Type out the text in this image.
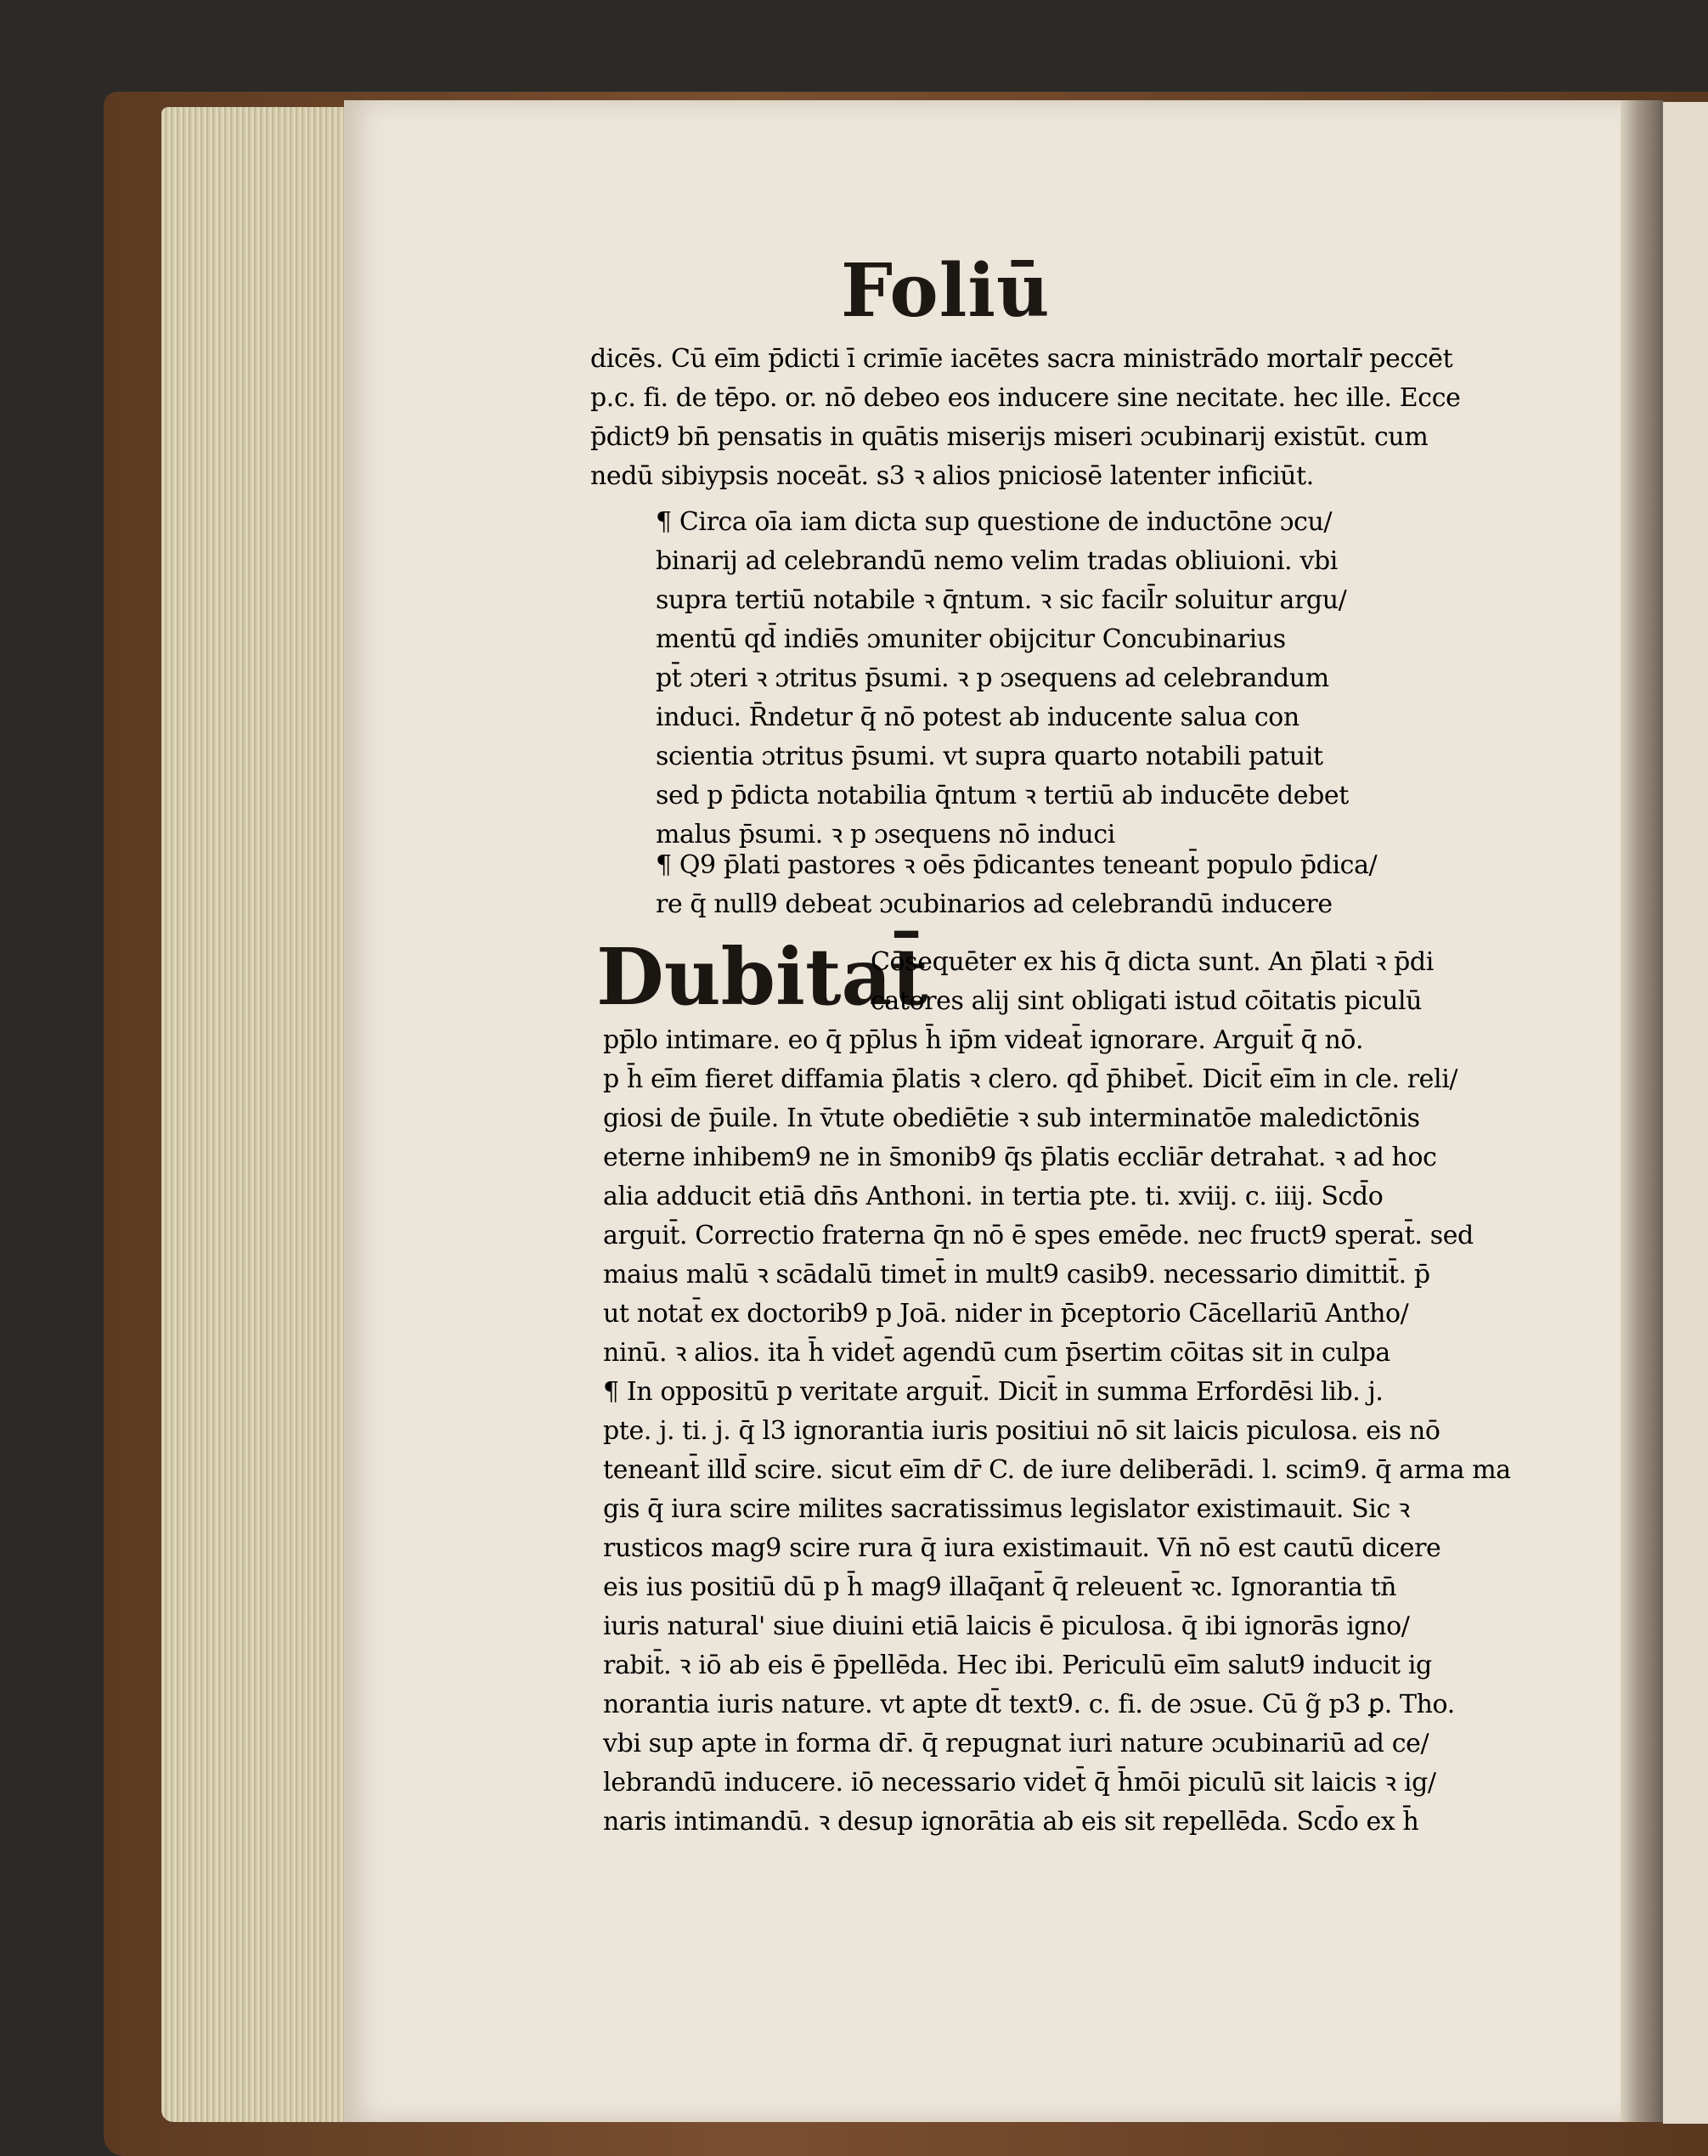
Foliū

dicēs. Cū eīm p̄dicti ī crimīe iacētes sacra ministrādo mortalr̄ peccēt

p.c. fi. de tēpo. or. nō debeo eos inducere sine necitate. hec ille. Ecce

p̄dict9 bn̄ pensatis in quātis miserijs miseri ɔcubinarij existūt. cum

nedū sibiypsis noceāt. s3 ꝛ alios pniciosē latenter inficiūt.

¶ Circa oīa iam dicta sup questione de inductōne ɔcu/

binarij ad celebrandū nemo velim tradas obliuioni. vbi

supra tertiū notabile ꝛ q̄ntum. ꝛ sic facil̄r soluitur argu/

mentū qd̄ indiēs ɔmuniter obijcitur Concubinarius

pt̄ ɔteri ꝛ ɔtritus p̄sumi. ꝛ p ɔsequens ad celebrandum

induci. R̄ndetur q̄ nō potest ab inducente salua con

scientia ɔtritus p̄sumi. vt supra quarto notabili patuit

sed p p̄dicta notabilia q̄ntum ꝛ tertiū ab inducēte debet

malus p̄sumi. ꝛ p ɔsequens nō induci

¶ Q9 p̄lati pastores ꝛ oēs p̄dicantes teneant̄ populo p̄dica/

re q̄ null9 debeat ɔcubinarios ad celebrandū inducere

Dubitat̄

Cōsequēter ex his q̄ dicta sunt. An p̄lati ꝛ p̄di

catores alij sint obligati istud cōitatis piculū

pp̄lo intimare. eo q̄ pp̄lus h̄ ip̄m videat̄ ignorare. Arguit̄ q̄ nō.

p h̄ eīm fieret diffamia p̄latis ꝛ clero. qd̄ p̄hibet̄. Dicit̄ eīm in cle. reli/

giosi de p̄uile. In v̄tute obediētie ꝛ sub interminatōe maledictōnis

eterne inhibem9 ne in s̄monib9 q̄s p̄latis eccliār detrahat. ꝛ ad hoc

alia adducit etiā dn̄s Anthoni. in tertia pte. ti. xviij. c. iiij. Scd̄o

arguit̄. Correctio fraterna q̄n nō ē spes emēde. nec fruct9 sperat̄. sed

maius malū ꝛ scādalū timet̄ in mult9 casib9. necessario dimittit̄. p̄

ut notat̄ ex doctorib9 p Joā. nider in p̄ceptorio Cācellariū Antho/

ninū. ꝛ alios. ita h̄ videt̄ agendū cum p̄sertim cōitas sit in culpa

¶ In oppositū p veritate arguit̄. Dicit̄ in summa Erfordēsi lib. j.

pte. j. ti. j. q̄ l3 ignorantia iuris positiui nō sit laicis piculosa. eis nō

teneant̄ illd̄ scire. sicut eīm dr̄ C. de iure deliberādi. l. scim9. q̄ arma ma

gis q̄ iura scire milites sacratissimus legislator existimauit. Sic ꝛ

rusticos mag9 scire rura q̄ iura existimauit. Vn̄ nō est cautū dicere

eis ius positiū dū p h̄ mag9 illaq̄ant̄ q̄ releuent̄ ꝛc. Ignorantia tn̄

iuris natural' siue diuini etiā laicis ē piculosa. q̄ ibi ignorās igno/

rabit̄. ꝛ iō ab eis ē p̄pellēda. Hec ibi. Periculū eīm salut9 inducit ig

norantia iuris nature. vt apte dt̄ text9. c. fi. de ɔsue. Cū g̃ p3 ꝑ. Tho.

vbi sup apte in forma dr̄. q̄ repugnat iuri nature ɔcubinariū ad ce/

lebrandū inducere. iō necessario videt̄ q̄ h̄mōi piculū sit laicis ꝛ ig/

naris intimandū. ꝛ desup ignorātia ab eis sit repellēda. Scd̄o ex h̄
